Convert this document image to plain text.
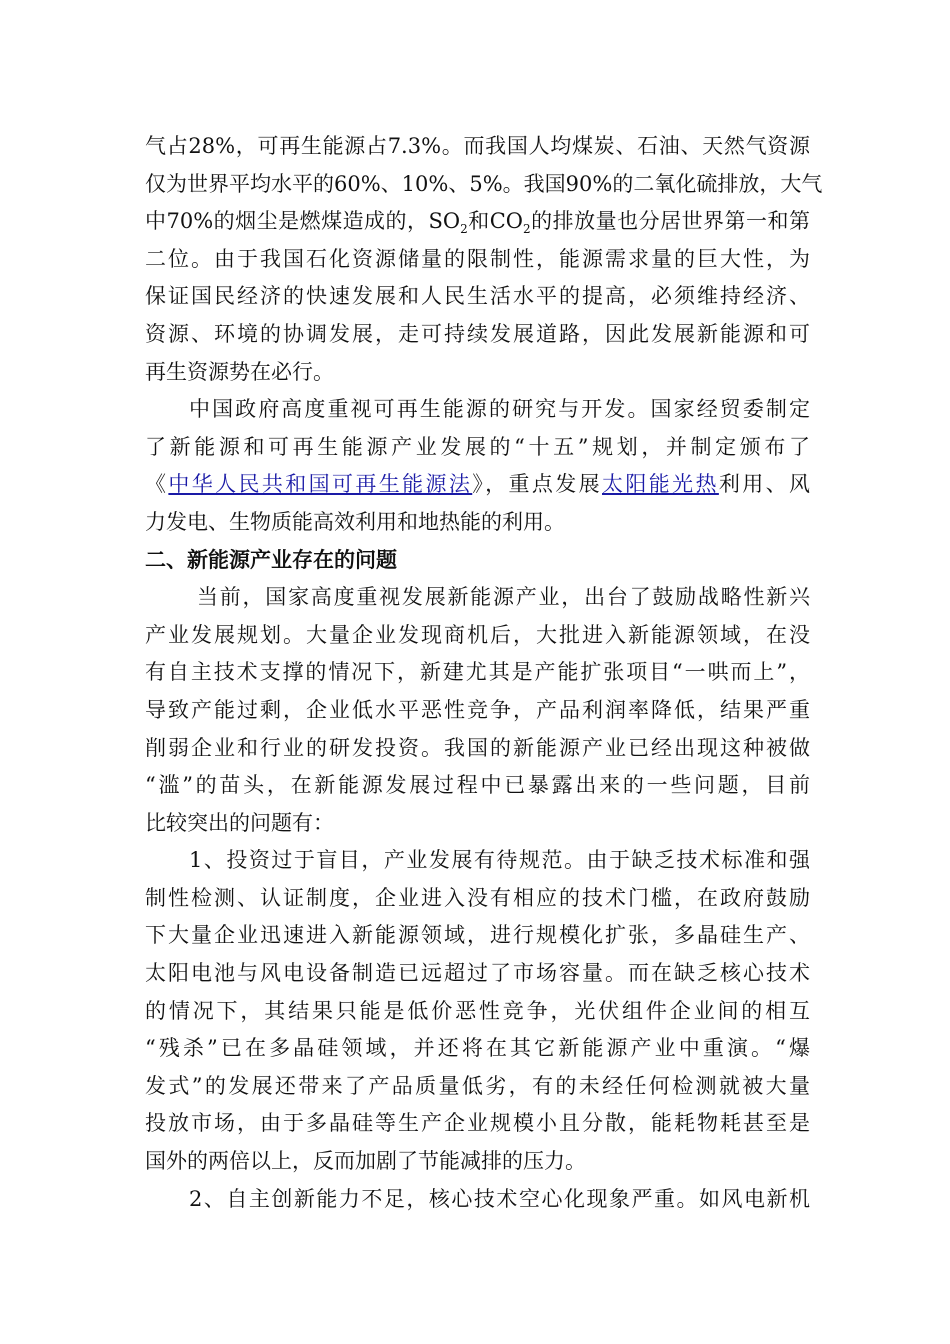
气占28%，可再生能源占7.3%。而我国人均煤炭、石油、天然气资源
仅为世界平均水平的60%、10%、5%。我国90%的二氧化硫排放，大气
中70%的烟尘是燃煤造成的，$SO_2$和$CO_2$的排放量也分居世界第一和第
二位。由于我国石化资源储量的限制性，能源需求量的巨大性，为
保证国民经济的快速发展和人民生活水平的提高，必须维持经济、
资源、环境的协调发展，走可持续发展道路，因此发展新能源和可
再生资源势在必行。
中国政府高度重视可再生能源的研究与开发。国家经贸委制定
了新能源和可再生能源产业发展的“十五”规划，并制定颁布了
《中华人民共和国可再生能源法》，重点发展太阳能光热利用、风
力发电、生物质能高效利用和地热能的利用。
二、新能源产业存在的问题
当前，国家高度重视发展新能源产业，出台了鼓励战略性新兴
产业发展规划。大量企业发现商机后，大批进入新能源领域，在没
有自主技术支撑的情况下，新建尤其是产能扩张项目“一哄而上”，
导致产能过剩，企业低水平恶性竞争，产品利润率降低，结果严重
削弱企业和行业的研发投资。我国的新能源产业已经出现这种被做
“滥”的苗头，在新能源发展过程中已暴露出来的一些问题，目前
比较突出的问题有：
1、投资过于盲目，产业发展有待规范。由于缺乏技术标准和强
制性检测、认证制度，企业进入没有相应的技术门槛，在政府鼓励
下大量企业迅速进入新能源领域，进行规模化扩张，多晶硅生产、
太阳电池与风电设备制造已远超过了市场容量。而在缺乏核心技术
的情况下，其结果只能是低价恶性竞争，光伏组件企业间的相互
“残杀”已在多晶硅领域，并还将在其它新能源产业中重演。“爆
发式”的发展还带来了产品质量低劣，有的未经任何检测就被大量
投放市场，由于多晶硅等生产企业规模小且分散，能耗物耗甚至是
国外的两倍以上，反而加剧了节能减排的压力。
2、自主创新能力不足，核心技术空心化现象严重。如风电新机
